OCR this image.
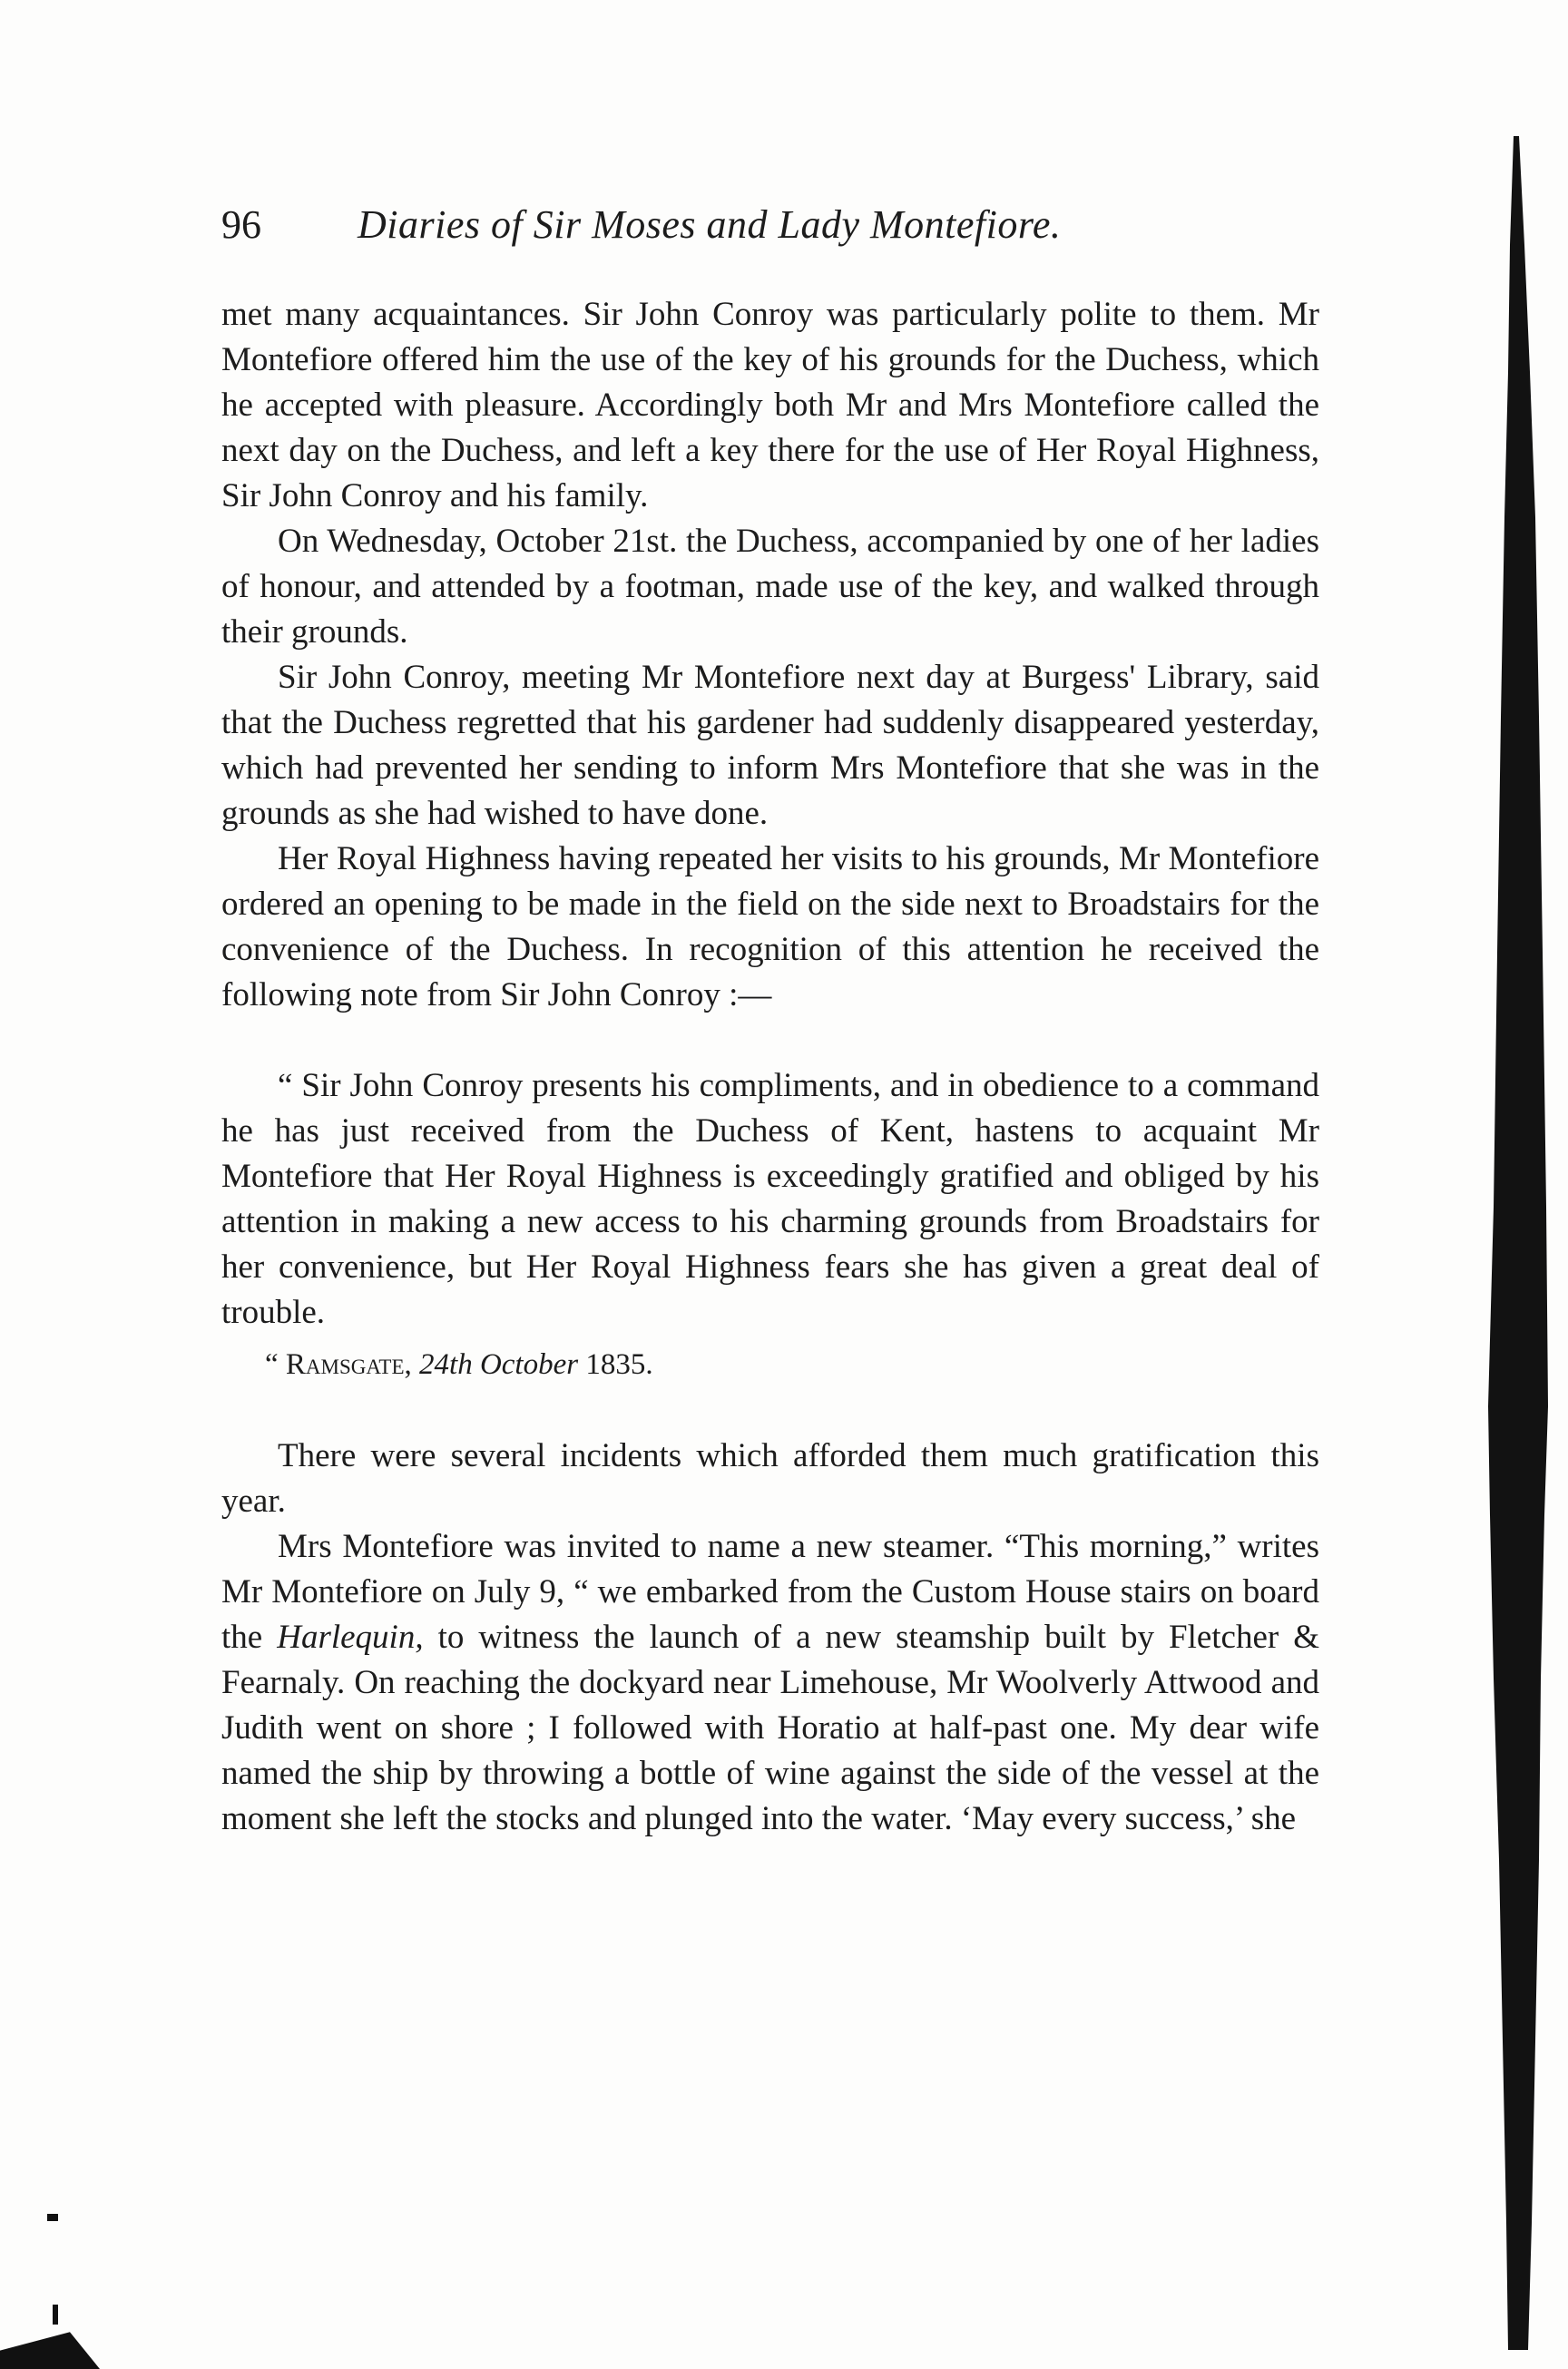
96 Diaries of Sir Moses and Lady Montefiore.

met many acquaintances. Sir John Conroy was particularly polite to them. Mr Montefiore offered him the use of the key of his grounds for the Duchess, which he accepted with pleasure. Accordingly both Mr and Mrs Montefiore called the next day on the Duchess, and left a key there for the use of Her Royal Highness, Sir John Conroy and his family.

On Wednesday, October 21st. the Duchess, accompanied by one of her ladies of honour, and attended by a footman, made use of the key, and walked through their grounds.

Sir John Conroy, meeting Mr Montefiore next day at Burgess' Library, said that the Duchess regretted that his gardener had suddenly disappeared yesterday, which had prevented her sending to inform Mrs Montefiore that she was in the grounds as she had wished to have done.

Her Royal Highness having repeated her visits to his grounds, Mr Montefiore ordered an opening to be made in the field on the side next to Broadstairs for the convenience of the Duchess. In recognition of this attention he received the following note from Sir John Conroy :—

“ Sir John Conroy presents his compliments, and in obedience to a command he has just received from the Duchess of Kent, hastens to acquaint Mr Montefiore that Her Royal Highness is exceedingly gratified and obliged by his attention in making a new access to his charming grounds from Broadstairs for her convenience, but Her Royal Highness fears she has given a great deal of trouble.

“ Ramsgate, 24th October 1835.

There were several incidents which afforded them much gratification this year.

Mrs Montefiore was invited to name a new steamer. “This morning,” writes Mr Montefiore on July 9, “ we embarked from the Custom House stairs on board the Harlequin, to witness the launch of a new steamship built by Fletcher & Fearnaly. On reaching the dockyard near Limehouse, Mr Woolverly Attwood and Judith went on shore ; I followed with Horatio at half-past one. My dear wife named the ship by throwing a bottle of wine against the side of the vessel at the moment she left the stocks and plunged into the water. ‘May every success,’ she
